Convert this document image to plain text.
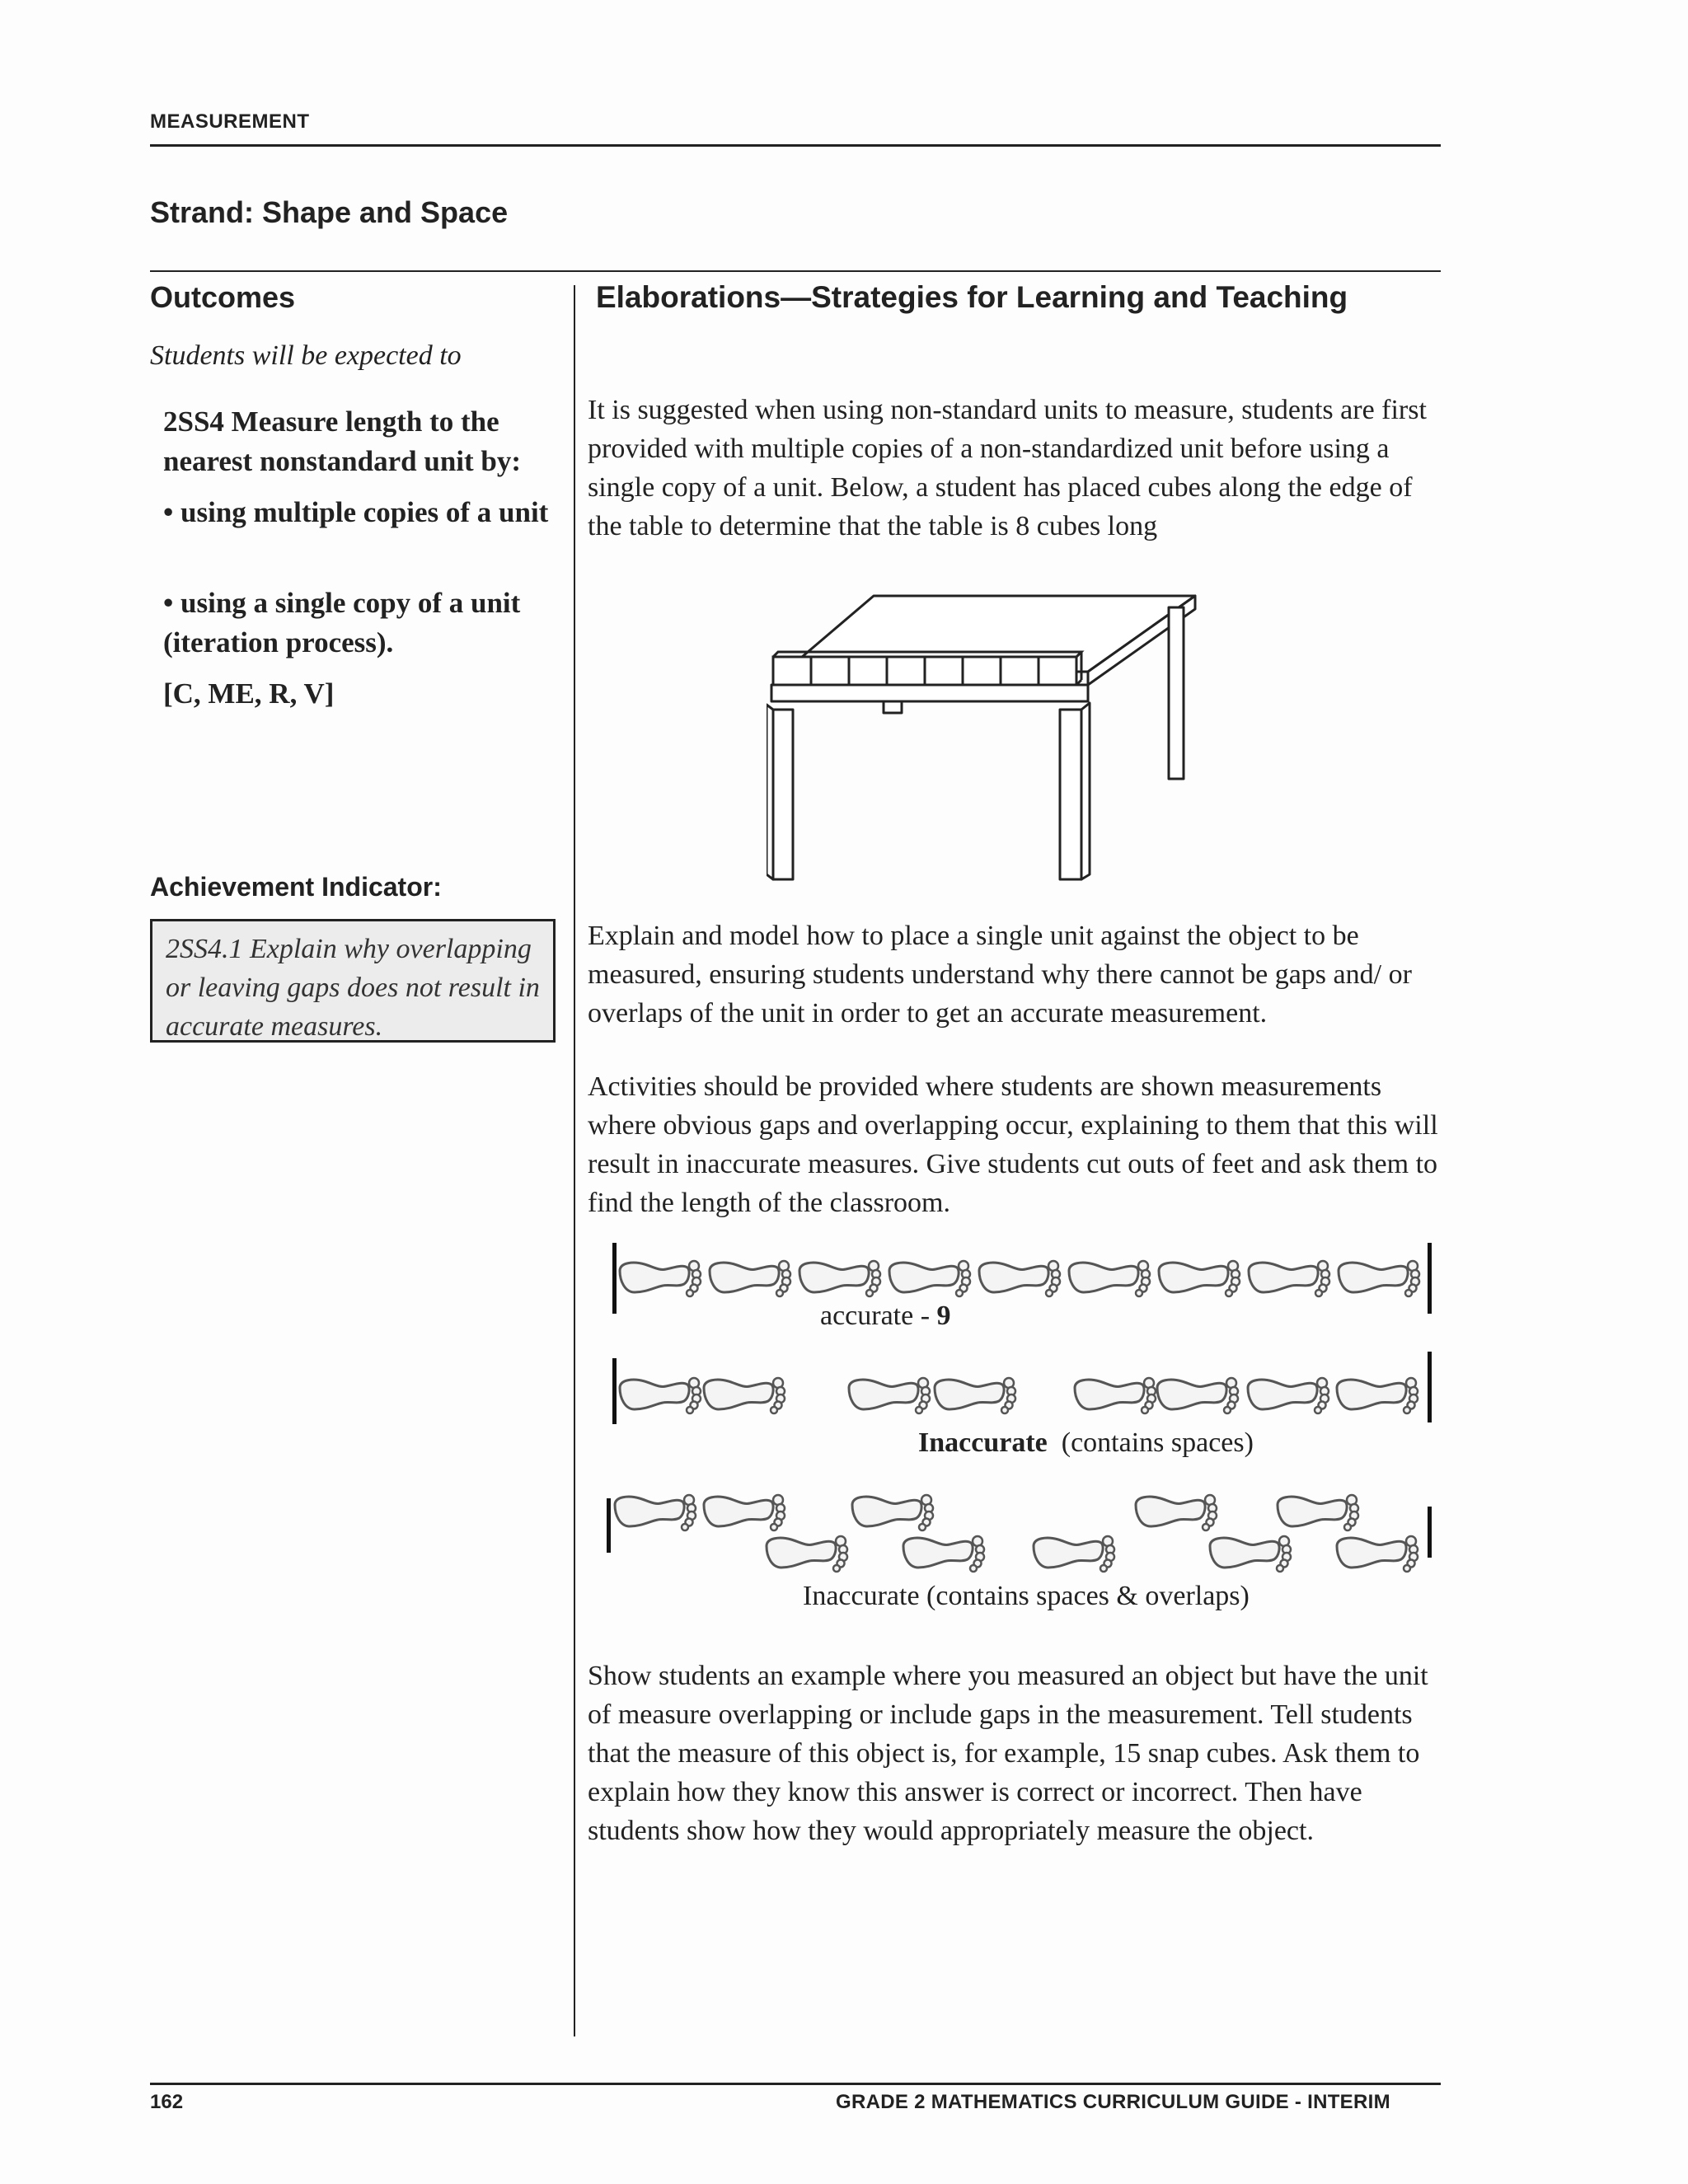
MEASUREMENT
Strand: Shape and Space
Outcomes
Students will be expected to
2SS4 Measure length to the nearest nonstandard unit by:
• using multiple copies of a unit
• using a single copy of a unit (iteration process).
[C, ME, R, V]
Achievement Indicator:
2SS4.1 Explain why overlapping or leaving gaps does not result in accurate measures.
Elaborations—Strategies for Learning and Teaching
It is suggested when using non-standard units to measure, students are first provided with multiple copies of a non-standardized unit before using a single copy of a unit. Below, a student has placed cubes along the edge of the table to determine that the table is 8 cubes long
Explain and model how to place a single unit against the object to be measured, ensuring students understand why there cannot be gaps and/ or overlaps of the unit in order to get an accurate measurement.
Activities should be provided where students are shown measurements where obvious gaps and overlapping occur, explaining to them that this will result in inaccurate measures. Give students cut outs of feet and ask them to find the length of the classroom.
accurate - 9
Inaccurate (contains spaces)
Inaccurate (contains spaces & overlaps)
Show students an example where you measured an object but have the unit of measure overlapping or include gaps in the measurement. Tell students that the measure of this object is, for example, 15 snap cubes. Ask them to explain how they know this answer is correct or incorrect. Then have students show how they would appropriately measure the object.
162	GRADE 2 MATHEMATICS CURRICULUM GUIDE - INTERIM
